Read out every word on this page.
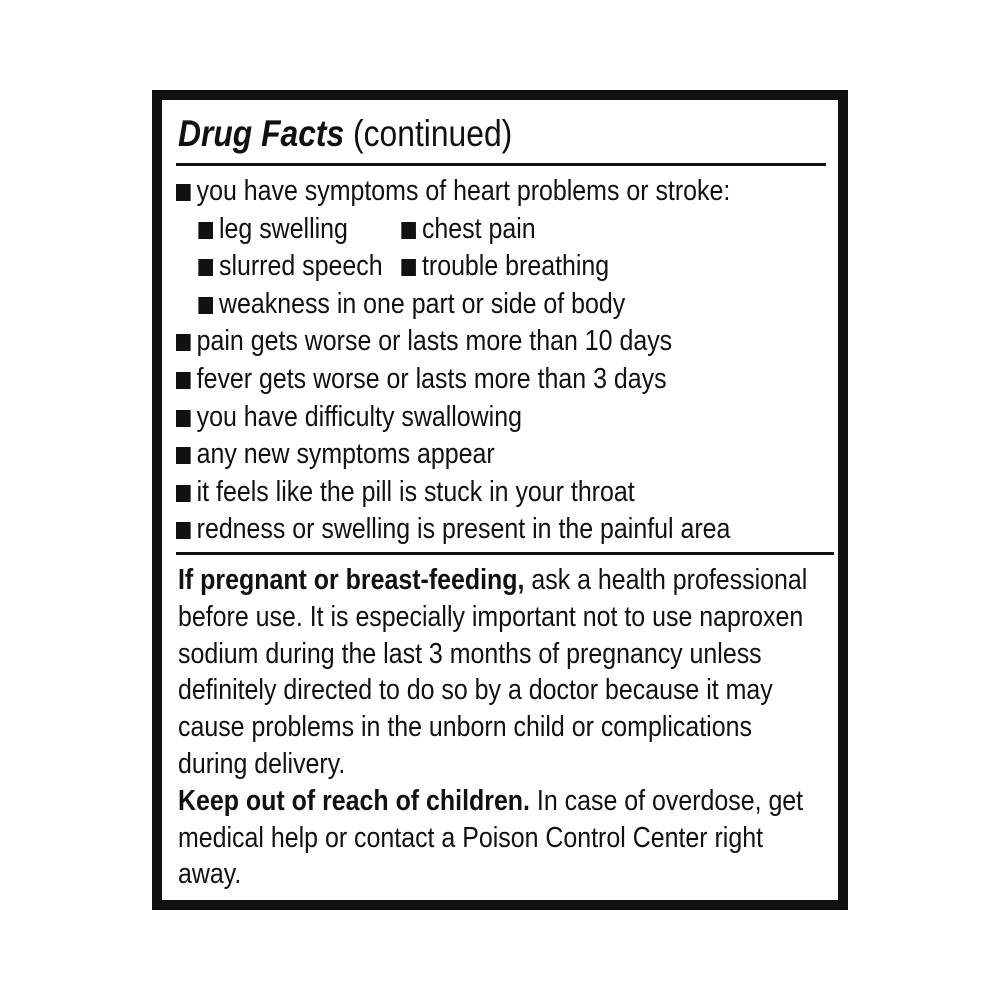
Drug Facts (continued)
you have symptoms of heart problems or stroke:
leg swelling	chest pain
slurred speech trouble breathing
weakness in one part or side of body
pain gets worse or lasts more than 10 days
fever gets worse or lasts more than 3 days
you have difficulty swallowing
any new symptoms appear
it feels like the pill is stuck in your throat
redness or swelling is present in the painful area
If pregnant or breast-feeding, ask a health professional
before use. It is especially important not to use naproxen
sodium during the last 3 months of pregnancy unless
definitely directed to do so by a doctor because it may
cause problems in the unborn child or complications
during delivery.
Keep out of reach of children. In case of overdose, get
medical help or contact a Poison Control Center right
away.
